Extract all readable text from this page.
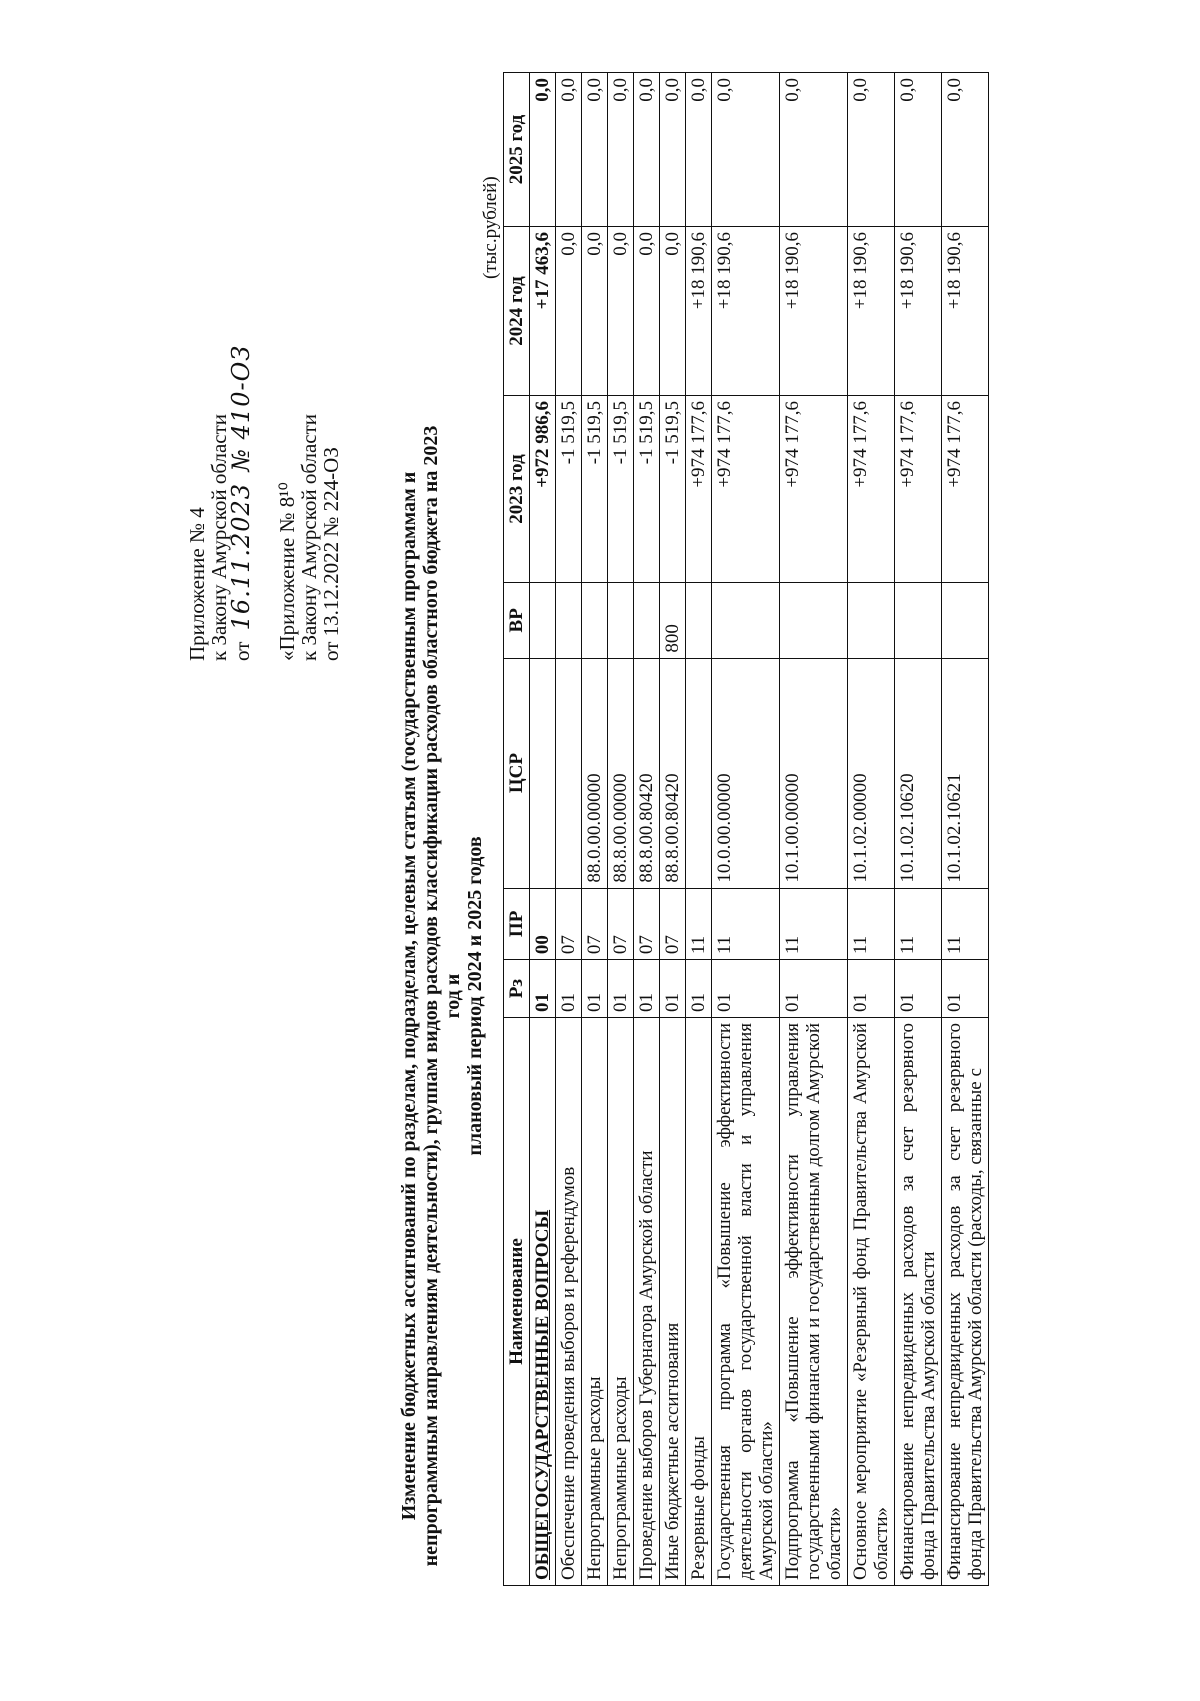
Приложение № 4
к Закону Амурской области от 16.11.2023 № 410-ОЗ
«Приложение № 8¹⁰
к Закону Амурской области
от 13.12.2022 № 224-ОЗ	Изменение бюджетных ассигнований по разделам, подразделам, целевым статьям (государственным программам и непрограммным направлениям деятельности), группам видов расходов классификации расходов областного бюджета на 2023 год и плановый период 2024 и 2025 годов
(тыс.рублей)
Наименование	Рз	ПР	ЦСР	ВР	2023 год	2024 год	2025 год
ОБЩЕГОСУДАРСТВЕННЫЕ ВОПРОСЫ	01	00			+972 986,6	+17 463,6	0,0
Обеспечение проведения выборов и референдумов	01	07			-1 519,5	0,0	0,0
Непрограммные расходы	01	07	88.0.00.00000		-1 519,5	0,0	0,0
Непрограммные расходы	01	07	88.8.00.00000		-1 519,5	0,0	0,0
Проведение выборов Губернатора Амурской области	01	07	88.8.00.80420		-1 519,5	0,0	0,0
Иные бюджетные ассигнования	01	07	88.8.00.80420	800	-1 519,5	0,0	0,0
Резервные фонды	01	11			+974 177,6	+18 190,6	0,0
Государственная программа «Повышение эффективности деятельности органов государственной власти и управления Амурской области»	01	11	10.0.00.00000		+974 177,6	+18 190,6	0,0
Подпрограмма «Повышение эффективности управления государственными финансами и государственным долгом Амурской области»	01	11	10.1.00.00000		+974 177,6	+18 190,6	0,0
Основное мероприятие «Резервный фонд Правительства Амурской области»	01	11	10.1.02.00000		+974 177,6	+18 190,6	0,0
Финансирование непредвиденных расходов за счет резервного фонда Правительства Амурской области	01	11	10.1.02.10620		+974 177,6	+18 190,6	0,0
Финансирование непредвиденных расходов за счет резервного фонда Правительства Амурской области (расходы, связанные с	01	11	10.1.02.10621		+974 177,6	+18 190,6	0,0
